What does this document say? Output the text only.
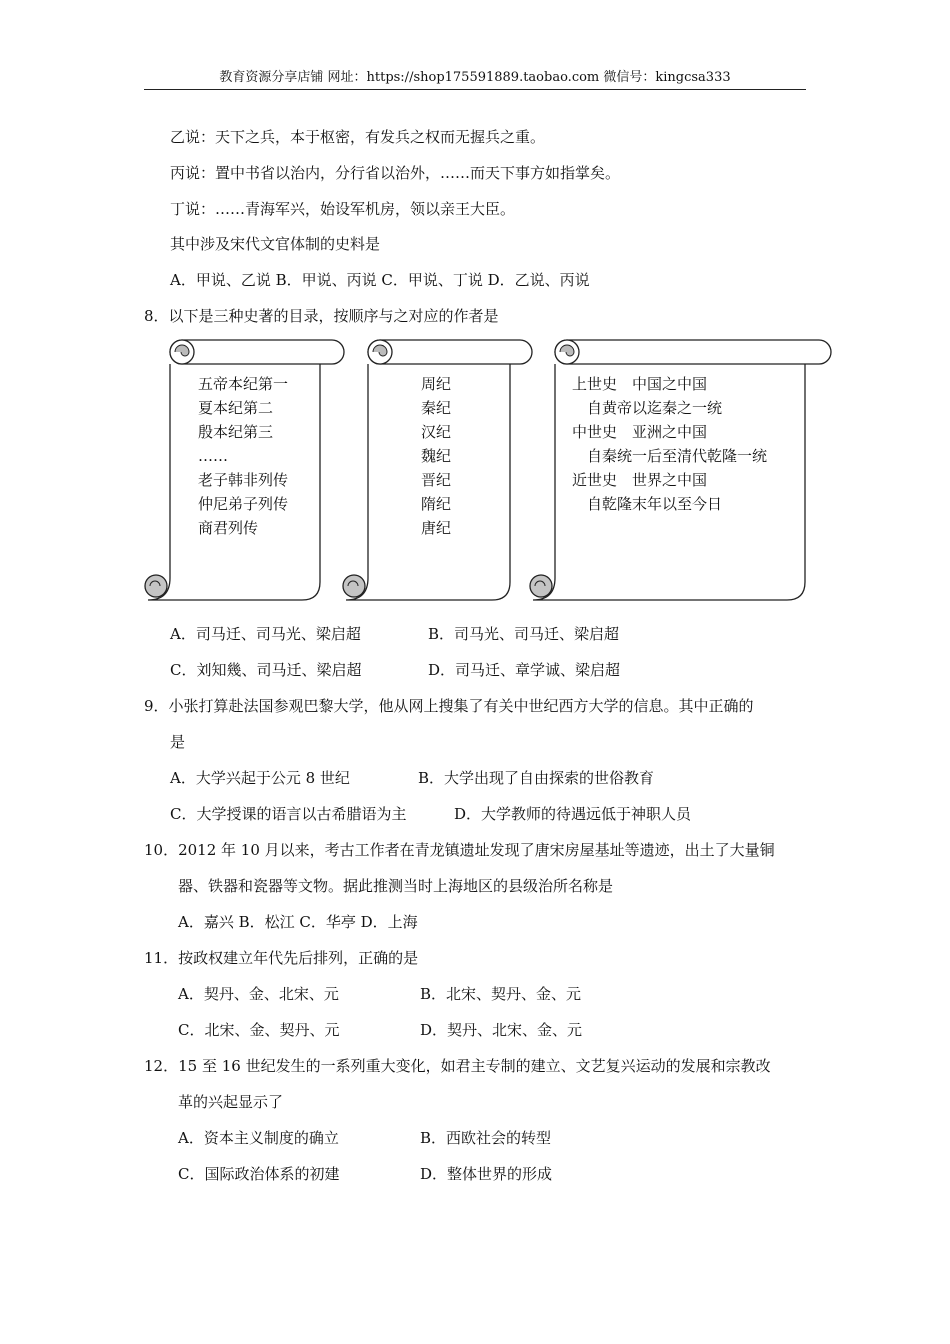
教育资源分享店铺 网址：https://shop175591889.taobao.com 微信号：kingcsa333
乙说：天下之兵，本于枢密，有发兵之权而无握兵之重。
丙说：置中书省以治内，分行省以治外，……而天下事方如指掌矣。
丁说：……青海军兴，始设军机房，领以亲王大臣。
其中涉及宋代文官体制的史料是
A．甲说、乙说 B．甲说、丙说 C．甲说、丁说 D．乙说、丙说
8．以下是三种史著的目录，按顺序与之对应的作者是
五帝本纪第一
夏本纪第二
殷本纪第三
……
老子韩非列传
仲尼弟子列传
商君列传
周纪
秦纪
汉纪
魏纪
晋纪
隋纪
唐纪
上世史　中国之中国
　自黄帝以迄秦之一统
中世史　亚洲之中国
　自秦统一后至清代乾隆一统
近世史　世界之中国
　自乾隆末年以至今日
A．司马迁、司马光、梁启超	B．司马光、司马迁、梁启超
C．刘知幾、司马迁、梁启超	D．司马迁、章学诚、梁启超
9．小张打算赴法国参观巴黎大学，他从网上搜集了有关中世纪西方大学的信息。其中正确的
是
A．大学兴起于公元 8 世纪	B．大学出现了自由探索的世俗教育
C．大学授课的语言以古希腊语为主	D．大学教师的待遇远低于神职人员
10．2012 年 10 月以来，考古工作者在青龙镇遗址发现了唐宋房屋基址等遗迹，出土了大量铜
器、铁器和瓷器等文物。据此推测当时上海地区的县级治所名称是
A．嘉兴 B．松江 C．华亭 D．上海
11．按政权建立年代先后排列，正确的是
A．契丹、金、北宋、元	B．北宋、契丹、金、元
C．北宋、金、契丹、元	D．契丹、北宋、金、元
12．15 至 16 世纪发生的一系列重大变化，如君主专制的建立、文艺复兴运动的发展和宗教改
革的兴起显示了
A．资本主义制度的确立	B．西欧社会的转型
C．国际政治体系的初建	D．整体世界的形成
